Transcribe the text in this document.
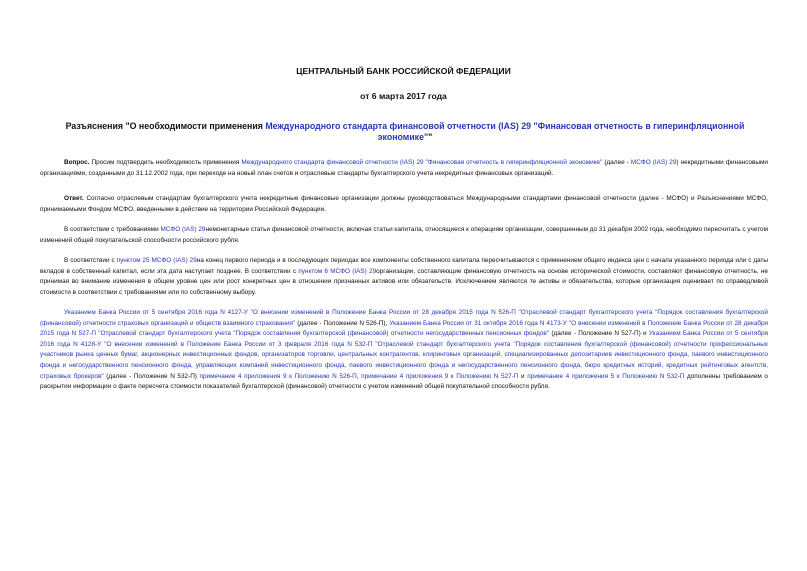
ЦЕНТРАЛЬНЫЙ БАНК РОССИЙСКОЙ ФЕДЕРАЦИИ
от 6 марта 2017 года
Разъяснения "О необходимости применения Международного стандарта финансовой отчетности (IAS) 29 "Финансовая отчетность в гиперинфляционной экономике""
Вопрос. Просим подтвердить необходимость применения Международного стандарта финансовой отчетности (IAS) 29 "Финансовая отчетность в гиперинфляционной экономике" (далее - МСФО (IAS) 29) некредитными финансовыми организациями, созданными до 31.12.2002 года, при переходе на новый план счетов и отраслевые стандарты бухгалтерского учета некредитных финансовых организаций.
Ответ. Согласно отраслевым стандартам бухгалтерского учета некредитные финансовые организации должны руководствоваться Международными стандартами финансовой отчетности (далее - МСФО) и Разъяснениями МСФО, принимаемыми Фондом МСФО, введенными в действие на территории Российской Федерации.
В соответствии с требованиями МСФО (IAS) 29немонетарные статьи финансовой отчетности, включая статьи капитала, относящиеся к операциям организации, совершенным до 31 декабря 2002 года, необходимо пересчитать с учетом изменений общей покупательской способности российского рубля.
В соответствии с пунктом 25 МСФО (IAS) 29на конец первого периода и в последующих периодах все компоненты собственного капитала пересчитываются с применением общего индекса цен с начала указанного периода или с даты вкладов в собственный капитал, если эта дата наступает позднее. В соответствии с пунктом 6 МСФО (IAS) 29организации, составляющие финансовую отчетность на основе исторической стоимости, составляют финансовую отчетность, не принимая во внимание изменения в общем уровне цен или рост конкретных цен в отношении признанных активов или обязательств. Исключением являются те активы и обязательства, которые организация оценивает по справедливой стоимости в соответствии с требованиями или по собственному выбору.
Указанием Банка России от 5 сентября 2016 года N 4127-У "О внесении изменений в Положение Банка России от 28 декабря 2015 года N 526-П "Отраслевой стандарт бухгалтерского учета "Порядок составления бухгалтерской (финансовой) отчетности страховых организаций и обществ взаимного страхования" (далее - Положение N 526-П), Указанием Банка России от 31 октября 2016 года N 4173-У "О внесении изменений в Положение Банка России от 28 декабря 2015 года N 527-П "Отраслевой стандарт бухгалтерского учета "Порядок составления бухгалтерской (финансовой) отчетности негосударственных пенсионных фондов" (далее - Положение N 527-П) и Указанием Банка России от 5 сентября 2016 года N 4128-У "О внесении изменений в Положение Банка России от 3 февраля 2016 года N 532-П "Отраслевой стандарт бухгалтерского учета "Порядок составления бухгалтерской (финансовой) отчетности профессиональных участников рынка ценных бумаг, акционерных инвестиционных фондов, организаторов торговли, центральных контрагентов, клиринговых организаций, специализированных депозитариев инвестиционного фонда, паевого инвестиционного фонда и негосударственного пенсионного фонда, управляющих компаний инвестиционного фонда, паевого инвестиционного фонда и негосударственного пенсионного фонда, бюро кредитных историй, кредитных рейтинговых агентств, страховых брокеров" (далее - Положение N 532-П) примечание 4 приложения 9 к Положению N 526-П, примечание 4 приложения 9 к Положению N 527-П и примечание 4 приложения 5 к Положению N 532-П дополнены требованием о раскрытии информации о факте пересчета стоимости показателей бухгалтерской (финансовой) отчетности с учетом изменений общей покупательной способности рубля.
